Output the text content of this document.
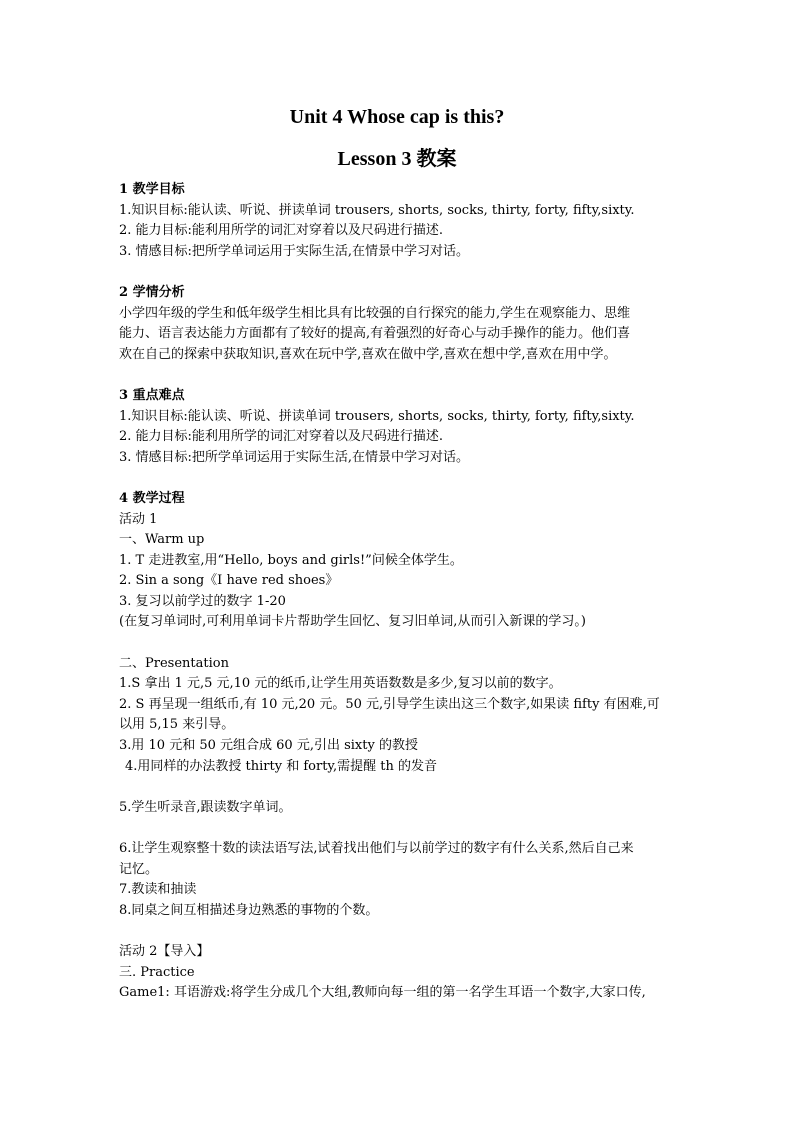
Unit 4 Whose cap is this?
Lesson 3 教案
1 教学目标
1.知识目标:能认读、听说、拼读单词 trousers, shorts, socks, thirty, forty, fifty,sixty.
2. 能力目标:能利用所学的词汇对穿着以及尺码进行描述.
3. 情感目标:把所学单词运用于实际生活,在情景中学习对话。
2 学情分析
小学四年级的学生和低年级学生相比具有比较强的自行探究的能力,学生在观察能力、思维
能力、语言表达能力方面都有了较好的提高,有着强烈的好奇心与动手操作的能力。他们喜
欢在自己的探索中获取知识,喜欢在玩中学,喜欢在做中学,喜欢在想中学,喜欢在用中学。
3 重点难点
1.知识目标:能认读、听说、拼读单词 trousers, shorts, socks, thirty, forty, fifty,sixty.
2. 能力目标:能利用所学的词汇对穿着以及尺码进行描述.
3. 情感目标:把所学单词运用于实际生活,在情景中学习对话。
4 教学过程
活动 1
一、Warm up
1. T 走进教室,用“Hello, boys and girls!”问候全体学生。
2. Sin a song《I have red shoes》
3. 复习以前学过的数字 1-20
(在复习单词时,可利用单词卡片帮助学生回忆、复习旧单词,从而引入新课的学习。)
二、Presentation
1.S 拿出 1 元,5 元,10 元的纸币,让学生用英语数数是多少,复习以前的数字。
2. S 再呈现一组纸币,有 10 元,20 元。50 元,引导学生读出这三个数字,如果读 fifty 有困难,可
以用 5,15 来引导。
3.用 10 元和 50 元组合成 60 元,引出 sixty 的教授
4.用同样的办法教授 thirty 和 forty,需提醒 th 的发音
5.学生听录音,跟读数字单词。
6.让学生观察整十数的读法语写法,试着找出他们与以前学过的数字有什么关系,然后自己来
记忆。
7.教读和抽读
8.同桌之间互相描述身边熟悉的事物的个数。
活动 2【导入】
三. Practice
Game1: 耳语游戏:将学生分成几个大组,教师向每一组的第一名学生耳语一个数字,大家口传,
